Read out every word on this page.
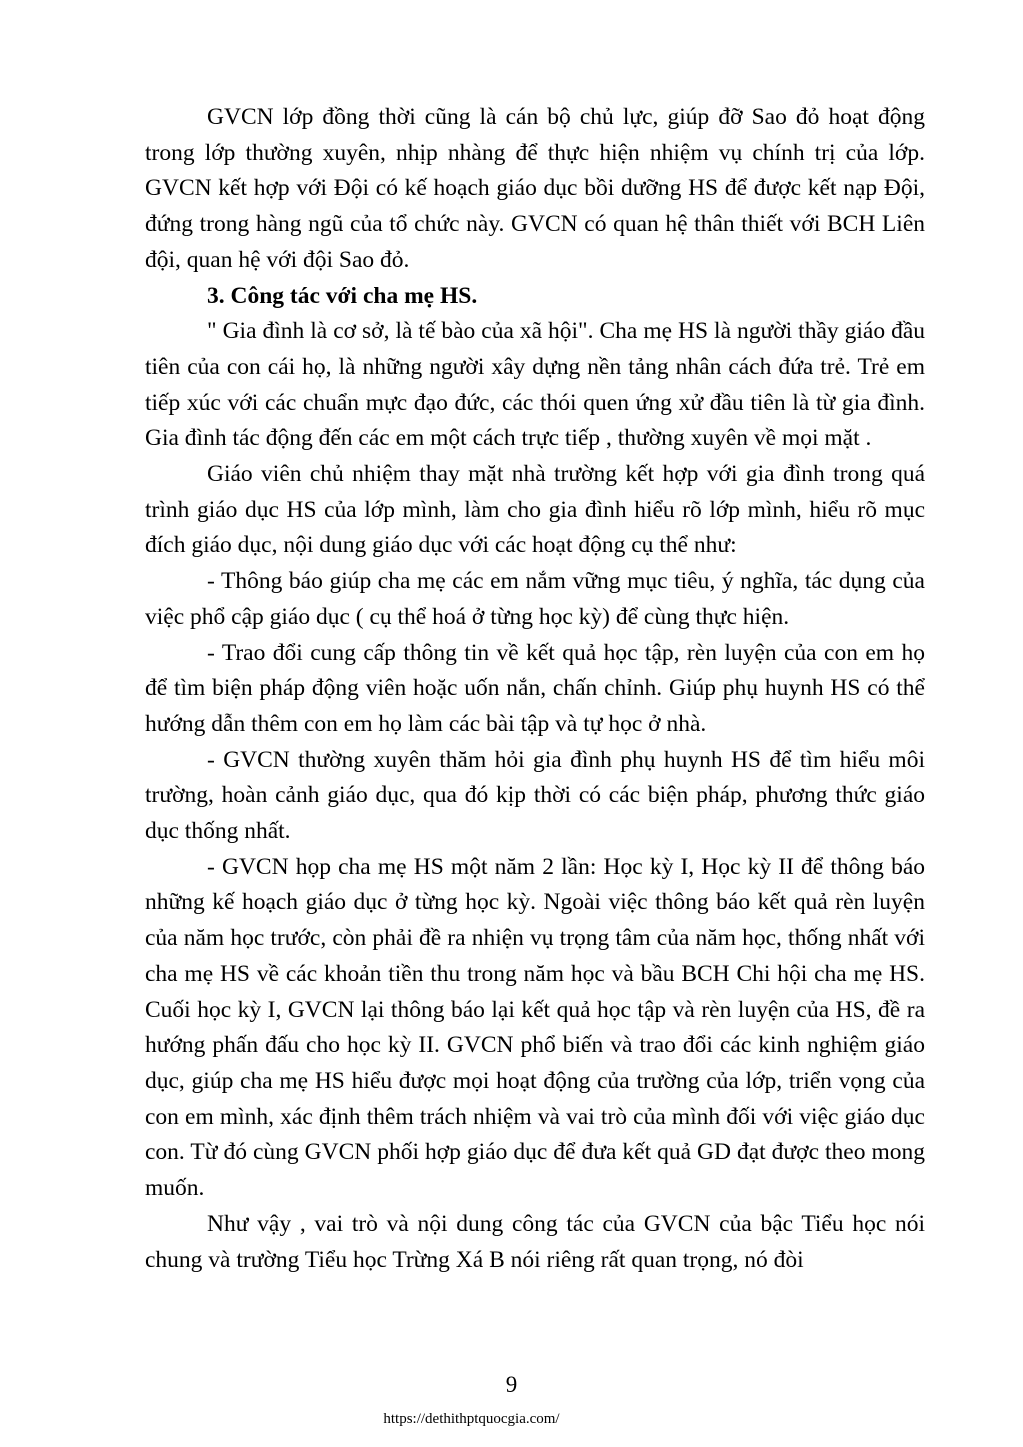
GVCN lớp đồng thời cũng là cán bộ chủ lực, giúp đỡ Sao đỏ hoạt động trong lớp thường xuyên, nhịp nhàng để thực hiện nhiệm vụ chính trị của lớp. GVCN kết hợp với Đội có kế hoạch giáo dục bồi dưỡng HS để được kết nạp Đội, đứng trong hàng ngũ của tổ chức này. GVCN có quan hệ thân thiết với BCH Liên đội, quan hệ với đội Sao đỏ.

3. Công tác với cha mẹ HS.

" Gia đình là cơ sở, là tế bào của xã hội". Cha mẹ HS là người thầy giáo đầu tiên của con cái họ, là những người xây dựng nền tảng nhân cách đứa trẻ. Trẻ em tiếp xúc với các chuẩn mực đạo đức, các thói quen ứng xử đầu tiên là từ gia đình. Gia đình tác động đến các em một cách trực tiếp , thường xuyên về mọi mặt .

Giáo viên chủ nhiệm thay mặt nhà trường kết hợp với gia đình trong quá trình giáo dục HS của lớp mình, làm cho gia đình hiểu rõ lớp mình, hiểu rõ mục đích giáo dục, nội dung giáo dục với các hoạt động cụ thể như:

- Thông báo giúp cha mẹ các em nắm vững mục tiêu, ý nghĩa, tác dụng của việc phổ cập giáo dục ( cụ thể hoá ở từng học kỳ) để cùng thực hiện.

- Trao đổi cung cấp thông tin về kết quả học tập, rèn luyện của con em họ để tìm biện pháp động viên hoặc uốn nắn, chấn chỉnh. Giúp phụ huynh HS có thể hướng dẫn thêm con em họ làm các bài tập và tự học ở nhà.

- GVCN thường xuyên thăm hỏi gia đình phụ huynh HS để tìm hiểu môi trường, hoàn cảnh giáo dục, qua đó kịp thời có các biện pháp, phương thức giáo dục thống nhất.

- GVCN họp cha mẹ HS một năm 2 lần: Học kỳ I, Học kỳ II để thông báo những kế hoạch giáo dục ở từng học kỳ. Ngoài việc thông báo kết quả rèn luyện của năm học trước, còn phải đề ra nhiện vụ trọng tâm của năm học, thống nhất với cha mẹ HS về các khoản tiền thu trong năm học và bầu BCH Chi hội cha mẹ HS. Cuối học kỳ I, GVCN lại thông báo lại kết quả học tập và rèn luyện của HS, đề ra hướng phấn đấu cho học kỳ II. GVCN phổ biến và trao đổi các kinh nghiệm giáo dục, giúp cha mẹ HS hiểu được mọi hoạt động của trường của lớp, triển vọng của con em mình, xác định thêm trách nhiệm và vai trò của mình đối với việc giáo dục con. Từ đó cùng GVCN phối hợp giáo dục để đưa kết quả GD đạt được theo mong muốn.

Như vậy , vai trò và nội dung công tác của GVCN của bậc Tiểu học nói chung và trường Tiểu học Trừng Xá B nói riêng rất quan trọng, nó đòi

9
https://dethithptquocgia.com/
